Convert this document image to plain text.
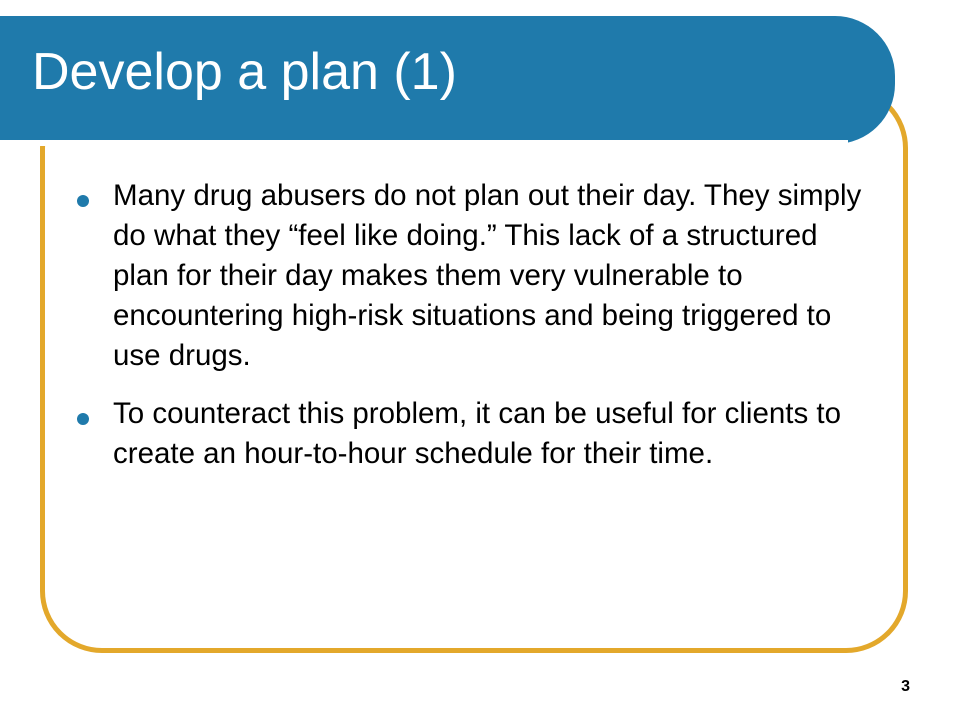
Develop a plan (1)
Many drug abusers do not plan out their day. They simply do what they “feel like doing.” This lack of a structured plan for their day makes them very vulnerable to encountering high-risk situations and being triggered to use drugs.
To counteract this problem, it can be useful for clients to create an hour-to-hour schedule for their time.
3
